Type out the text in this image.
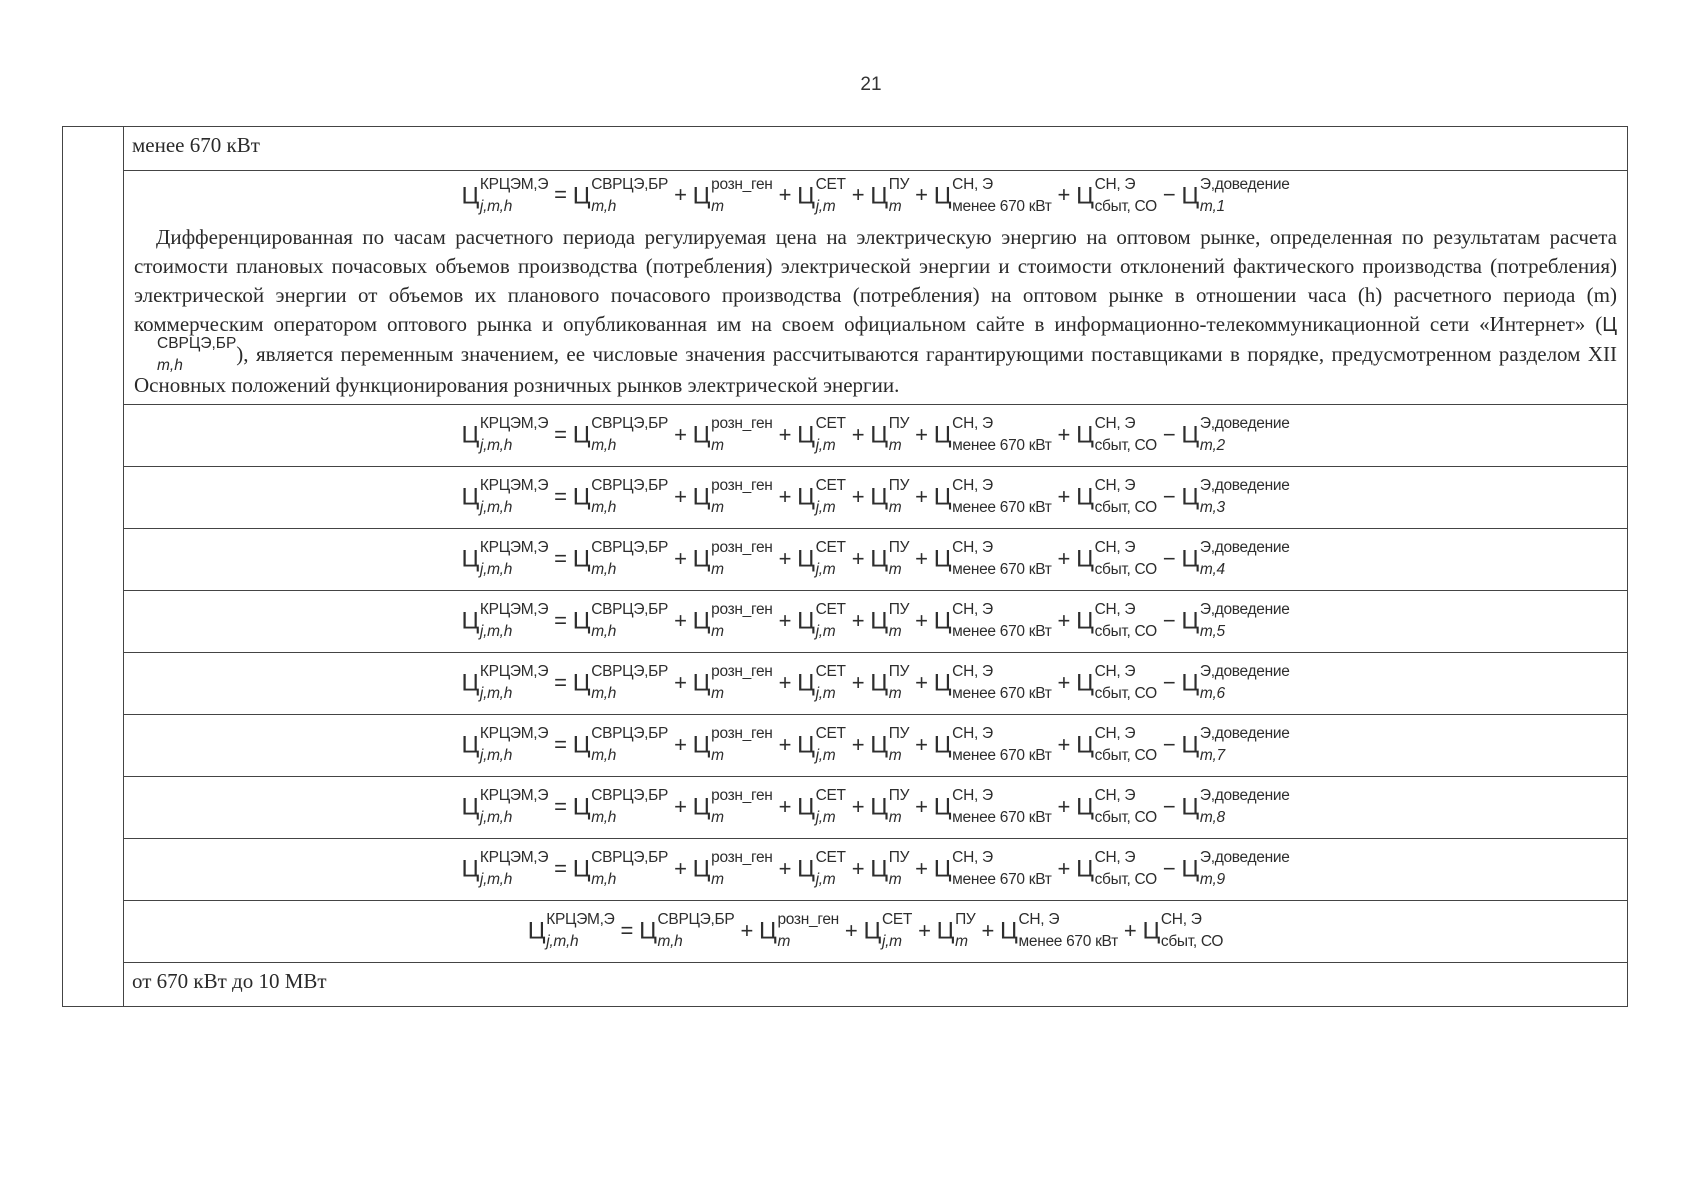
21
	менее 670 кВт

Ц КРЦЭМ,Э
j,m,h	= Ц СВРЦЭ,БР
m,h	+ Ц розн_ген
m	+ Ц СЕТ
j,m + Ц ПУ
m + Ц СН, Э
менее 670 кВт + Ц СН, Э
сбыт, СО − Ц Э,доведение
m,1

Дифференцированная по часам расчетного периода регулируемая цена на электрическую энергию на оптовом рынке, определенная по результатам расчета стоимости плановых почасовых объемов производства (потребления) электрической энергии и стоимости отклонений фактического производства (потребления) электрической энергии от объемов их планового почасового производства (потребления) на оптовом рынке в отношении часа (h) расчетного периода (m) коммерческим оператором оптового рынка и опубликованная им на своем официальном сайте в информационно-телекоммуникационной сети «Интернет» (Ц
СВРЦЭ,БР
m,h	), является переменным значением, ее числовые значения рассчитываются гарантирующими поставщиками в порядке, предусмотренном разделом XII Основных положений функционирования розничных рынков электрической энергии.

Ц КРЦЭМ,Э
j,m,h	= Ц СВРЦЭ,БР
m,h	+ Ц розн_ген
m	+ Ц СЕТ
j,m + Ц ПУ
m + Ц СН, Э
менее 670 кВт + Ц СН, Э
сбыт, СО − Ц Э,доведение
m,2

Ц КРЦЭМ,Э
j,m,h	= Ц СВРЦЭ,БР
m,h	+ Ц розн_ген
m	+ Ц СЕТ
j,m + Ц ПУ
m + Ц СН, Э
менее 670 кВт + Ц СН, Э
сбыт, СО − Ц Э,доведение
m,3

Ц КРЦЭМ,Э
j,m,h	= Ц СВРЦЭ,БР
m,h	+ Ц розн_ген
m	+ Ц СЕТ
j,m + Ц ПУ
m + Ц СН, Э
менее 670 кВт + Ц СН, Э
сбыт, СО − Ц Э,доведение
m,4

Ц КРЦЭМ,Э
j,m,h	= Ц СВРЦЭ,БР
m,h	+ Ц розн_ген
m	+ Ц СЕТ
j,m + Ц ПУ
m + Ц СН, Э
менее 670 кВт + Ц СН, Э
сбыт, СО − Ц Э,доведение
m,5

Ц КРЦЭМ,Э
j,m,h	= Ц СВРЦЭ,БР
m,h	+ Ц розн_ген
m	+ Ц СЕТ
j,m + Ц ПУ
m + Ц СН, Э
менее 670 кВт + Ц СН, Э
сбыт, СО − Ц Э,доведение
m,6

Ц КРЦЭМ,Э
j,m,h	= Ц СВРЦЭ,БР
m,h	+ Ц розн_ген
m	+ Ц СЕТ
j,m + Ц ПУ
m + Ц СН, Э
менее 670 кВт + Ц СН, Э
сбыт, СО − Ц Э,доведение
m,7

Ц КРЦЭМ,Э
j,m,h	= Ц СВРЦЭ,БР
m,h	+ Ц розн_ген
m	+ Ц СЕТ
j,m + Ц ПУ
m + Ц СН, Э
менее 670 кВт + Ц СН, Э
сбыт, СО − Ц Э,доведение
m,8

Ц КРЦЭМ,Э
j,m,h	= Ц СВРЦЭ,БР
m,h	+ Ц розн_ген
m	+ Ц СЕТ
j,m + Ц ПУ
m + Ц СН, Э
менее 670 кВт + Ц СН, Э
сбыт, СО − Ц Э,доведение
m,9

Ц КРЦЭМ,Э
j,m,h	= Ц СВРЦЭ,БР
m,h	+ Ц розн_ген
m	+ Ц СЕТ
j,m + Ц ПУ
m + Ц СН, Э
менее 670 кВт + Ц СН, Э
сбыт, СО

от 670 кВт до 10 МВт
